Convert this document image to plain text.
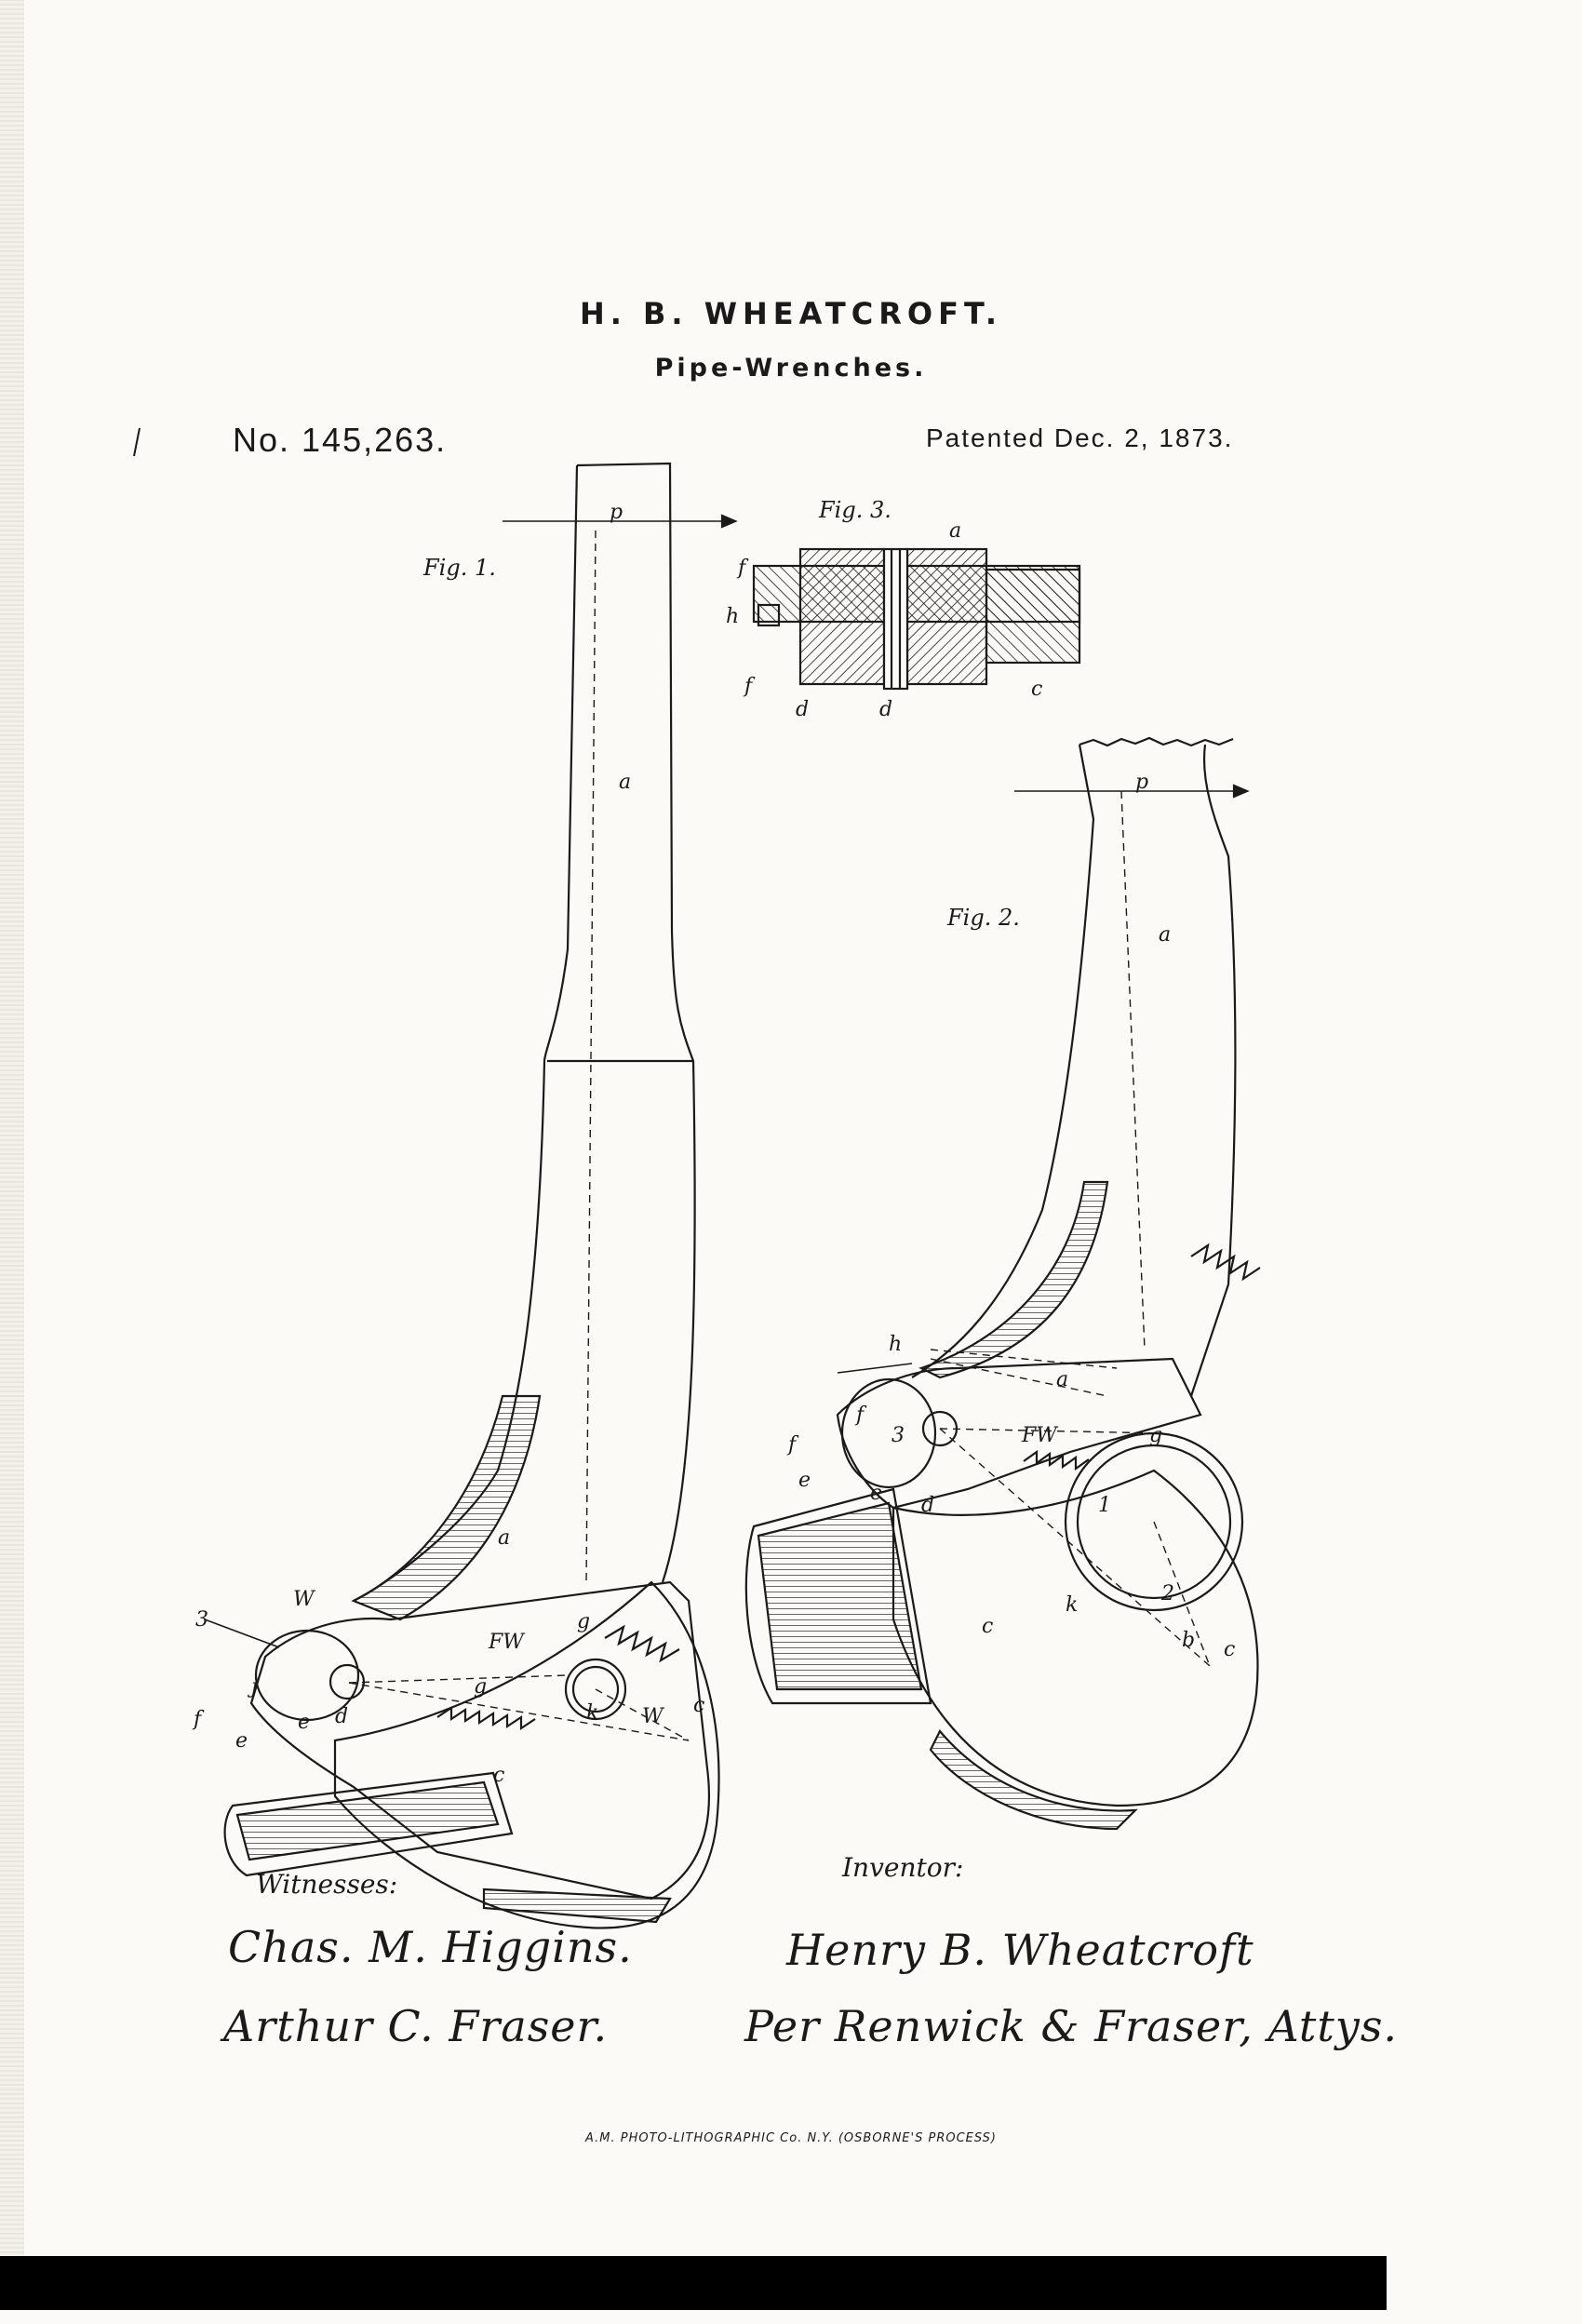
H. B. WHEATCROFT.
Pipe-Wrenches.
No. 145,263.	Patented Dec. 2, 1873.
Fig. 1.
Fig. 3.
Fig. 2.
p
a
a
g
FW
g
j
d
e
e
f
3
W
W
k	c
c
a
f
h
f
d	d
c
p
a
a
h
FW	g
f
f	3
e
e
d	1
2
k
c
c
b
Witnesses:
Chas. M. Higgins.
Arthur C. Fraser.
Inventor:
Henry B. Wheatcroft
Per Renwick & Fraser, Attys.
A.M. PHOTO-LITHOGRAPHIC Co. N.Y. (OSBORNE'S PROCESS)
